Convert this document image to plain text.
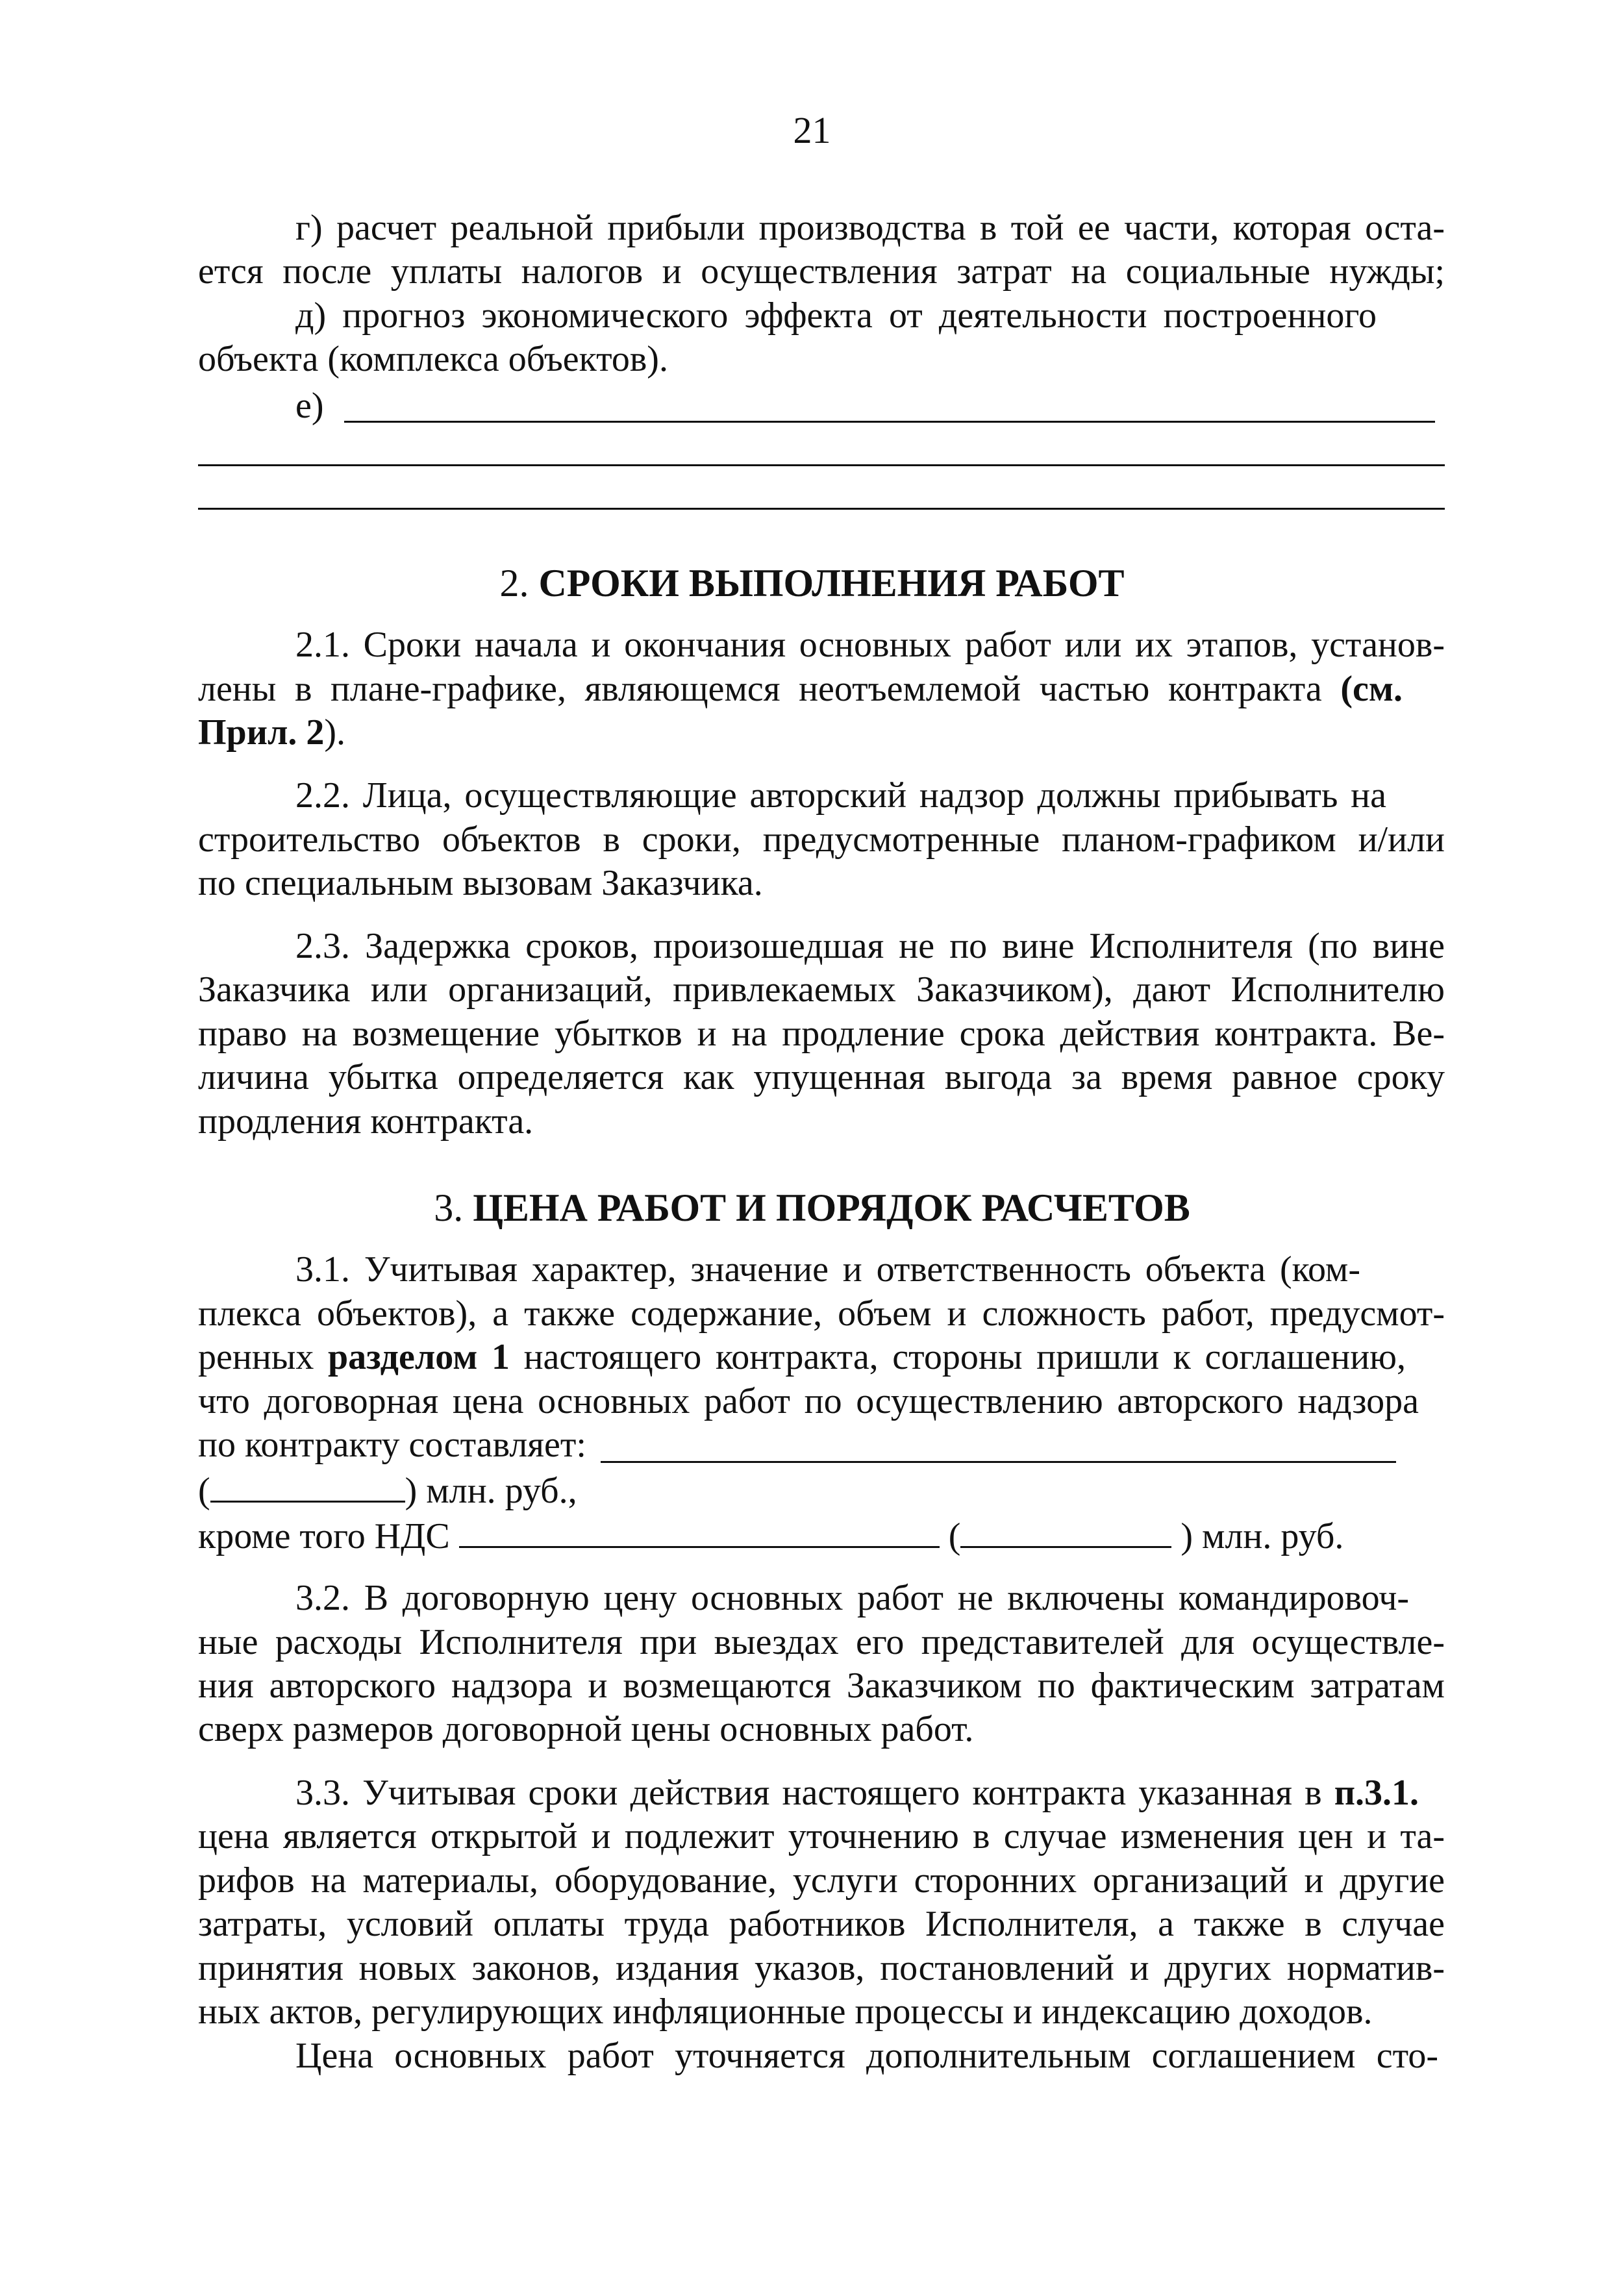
21
г) расчет реальной прибыли производства в той ее части, которая оста-
ется после уплаты налогов и осуществления затрат на социальные нужды;
д) прогноз экономического эффекта от деятельности построенного
объекта (комплекса объектов).
е)
2. СРОКИ ВЫПОЛНЕНИЯ РАБОТ
2.1. Сроки начала и окончания основных работ или их этапов, установ-
лены в плане-графике, являющемся неотъемлемой частью контракта (см.
Прил. 2).
2.2. Лица, осуществляющие авторский надзор должны прибывать на
строительство объектов в сроки, предусмотренные планом-графиком и/или
по специальным вызовам Заказчика.
2.3. Задержка сроков, произошедшая не по вине Исполнителя (по вине
Заказчика или организаций, привлекаемых Заказчиком), дают Исполнителю
право на возмещение убытков и на продление срока действия контракта. Ве-
личина убытка определяется как упущенная выгода за время равное сроку
продления контракта.
3. ЦЕНА РАБОТ И ПОРЯДОК РАСЧЕТОВ
3.1. Учитывая характер, значение и ответственность объекта (ком-
плекса объектов), а также содержание, объем и сложность работ, предусмот-
ренных разделом 1 настоящего контракта, стороны пришли к соглашению,
что договорная цена основных работ по осуществлению авторского надзора
по контракту составляет:
(	) млн. руб.,
кроме того НДС	(	) млн. руб.
3.2. В договорную цену основных работ не включены командировоч-
ные расходы Исполнителя при выездах его представителей для осуществле-
ния авторского надзора и возмещаются Заказчиком по фактическим затратам
сверх размеров договорной цены основных работ.
3.3. Учитывая сроки действия настоящего контракта указанная в п.3.1.
цена является открытой и подлежит уточнению в случае изменения цен и та-
рифов на материалы, оборудование, услуги сторонних организаций и другие
затраты, условий оплаты труда работников Исполнителя, а также в случае
принятия новых законов, издания указов, постановлений и других норматив-
ных актов, регулирующих инфляционные процессы и индексацию доходов.
Цена основных работ уточняется дополнительным соглашением сто-
